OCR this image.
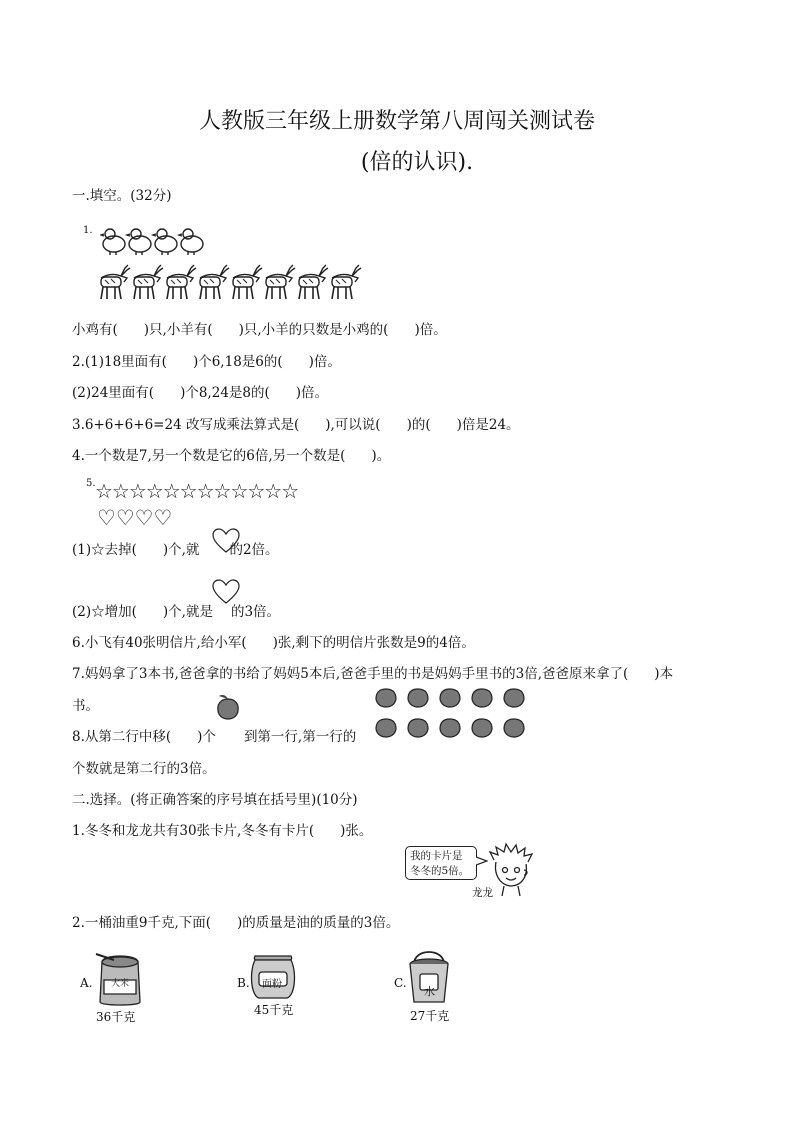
人教版三年级上册数学第八周闯关测试卷
(倍的认识).
一.填空。(32分)
1.
小鸡有( )只,小羊有( )只,小羊的只数是小鸡的( )倍。
2.(1)18里面有( )个6,18是6的( )倍。
(2)24里面有( )个8,24是8的( )倍。
3.6+6+6+6=24 改写成乘法算式是( ),可以说( )的( )倍是24。
4.一个数是7,另一个数是它的6倍,另一个数是( )。
5. ☆☆☆☆☆☆☆☆☆☆☆☆
♡♡♡♡
(1)☆去掉( )个,就 的2倍。
(2)☆增加( )个,就是 的3倍。
6.小飞有40张明信片,给小军( )张,剩下的明信片张数是9的4倍。
7.妈妈拿了3本书,爸爸拿的书给了妈妈5本后,爸爸手里的书是妈妈手里书的3倍,爸爸原来拿了( )本
书。
8.从第二行中移( )个 到第一行,第一行的
个数就是第二行的3倍。
二.选择。(将正确答案的序号填在括号里)(10分)
1.冬冬和龙龙共有30张卡片,冬冬有卡片( )张。
我的卡片是
冬冬的5倍。
龙龙
2.一桶油重9千克,下面( )的质量是油的质量的3倍。
A. 大米
36千克
B. 面粉
45千克
C.
水
27千克
